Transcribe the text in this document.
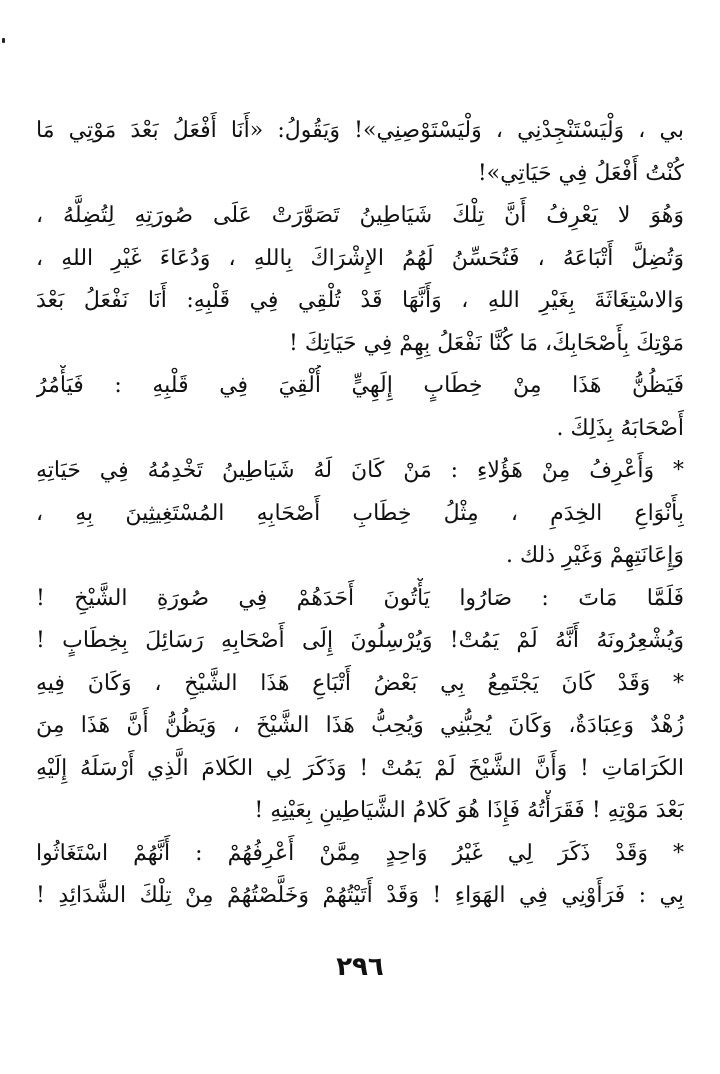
بي ، وَلْيَسْتَنْجِدْنِي ، وَلْيَسْتَوْصِنِي»! وَيَقُولُ: «أَنَا أَفْعَلُ بَعْدَ مَوْتِي مَا
كُنْتُ أَفْعَلُ فِي حَيَاتِي»!
وَهُوَ لا يَعْرِفُ أَنَّ تِلْكَ شَيَاطِينُ تَصَوَّرَتْ عَلَى صُورَتِهِ لِتُضِلَّهُ ،
وَتُضِلَّ أَتْبَاعَهُ ، فَتُحَسِّنُ لَهُمُ الإِشْرَاكَ بِاللهِ ، وَدُعَاءَ غَيْرِ اللهِ ،
وَالاسْتِغَاثَةَ بِغَيْرِ اللهِ ، وَأَنَّهَا قَدْ تُلْقِي فِي قَلْبِهِ: أَنَا نَفْعَلُ بَعْدَ
مَوْتِكَ بِأَصْحَابِكَ، مَا كُنَّا نَفْعَلُ بِهِمْ فِي حَيَاتِكَ !
فَيَظُنُّ هَذَا مِنْ خِطَابٍ إِلَهِيٍّ أُلْقِيَ فِي قَلْبِهِ : فَيَأْمُرُ
أَصْحَابَهُ بِذَلِكَ .
* وَأَعْرِفُ مِنْ هَؤُلاءِ : مَنْ كَانَ لَهُ شَيَاطِينُ تَخْدِمُهُ فِي حَيَاتِهِ
بِأَنْوَاعِ الخِدَمِ ، مِثْلُ خِطَابِ أَصْحَابِهِ المُسْتَغِيثِينَ بِهِ ،
وَإِعَانَتِهِمْ وَغَيْرِ ذلك .
فَلَمَّا مَاتَ : صَارُوا يَأْتُونَ أَحَدَهُمْ فِي صُورَةِ الشَّيْخِ !
وَيُشْعِرُونَهُ أَنَّهُ لَمْ يَمُتْ! وَيُرْسِلُونَ إِلَى أَصْحَابِهِ رَسَائِلَ بِخِطَابٍ !
* وَقَدْ كَانَ يَجْتَمِعُ بِي بَعْضُ أَتْبَاعِ هَذَا الشَّيْخِ ، وَكَانَ فِيهِ
زُهْدٌ وَعِبَادَةٌ، وَكَانَ يُحِبُّنِي وَيُحِبُّ هَذَا الشَّيْخَ ، وَيَظُنُّ أَنَّ هَذَا مِنَ
الكَرَامَاتِ ! وَأَنَّ الشَّيْخَ لَمْ يَمُتْ ! وَذَكَرَ لِي الكَلامَ الَّذِي أَرْسَلَهُ إِلَيْهِ
بَعْدَ مَوْتِهِ ! فَقَرَأْتُهُ فَإِذَا هُوَ كَلامُ الشَّيَاطِينِ بِعَيْنِهِ !
* وَقَدْ ذَكَرَ لِي غَيْرُ وَاحِدٍ مِمَّنْ أَعْرِفُهُمْ : أَنَّهُمْ اسْتَغَاثُوا
بِي : فَرَأَوْنِي فِي الهَوَاءِ ! وَقَدْ أَتَيْتُهُمْ وَخَلَّصْتُهُمْ مِنْ تِلْكَ الشَّدَائِدِ !
٢٩٦
